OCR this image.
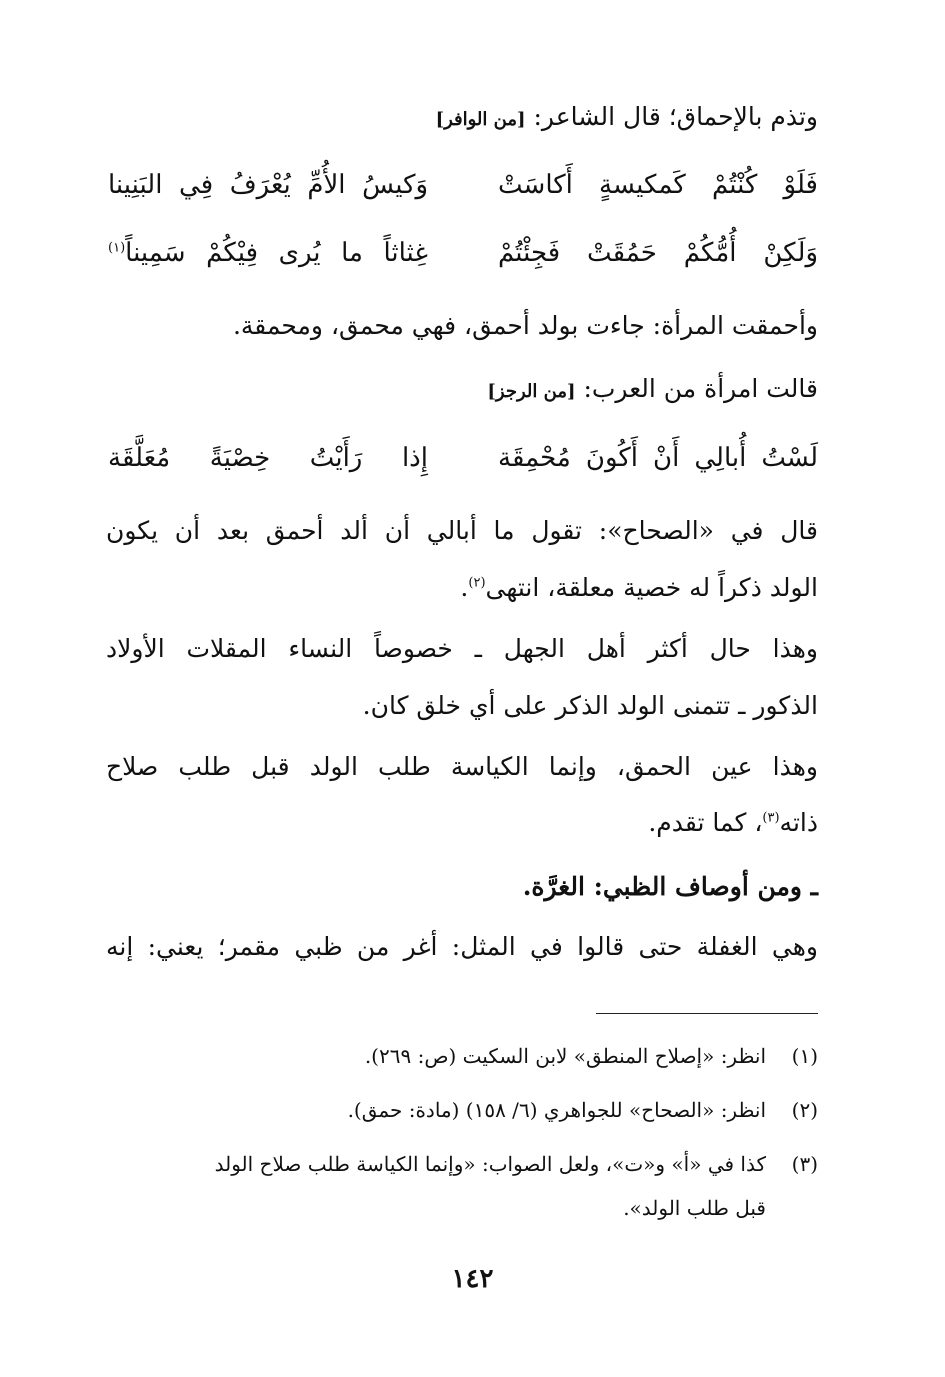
وتذم بالإحماق؛ قال الشاعر: [من الوافر]
فَلَوْ كُنْتُمْ كَمكيسةٍ أَكاسَتْ
وَكيسُ الأُمِّ يُعْرَفُ فِي البَنِينا
وَلَكِنْ أُمُّكُمْ حَمُقَتْ فَجِئْتُمْ
غِثاثاً ما يُرى فِيْكُمْ سَمِيناً$^{(١)}$
وأحمقت المرأة: جاءت بولد أحمق، فهي محمق، ومحمقة.
قالت امرأة من العرب: [من الرجز]
لَسْتُ أُبالِي أَنْ أَكُونَ مُحْمِقَة
إِذا رَأَيْتُ خِصْيَةً مُعَلَّقَة
قال في «الصحاح»: تقول ما أبالي أن ألد أحمق بعد أن يكون
الولد ذكراً له خصية معلقة، انتهى$^{(٢)}$.
وهذا حال أكثر أهل الجهل ـ خصوصاً النساء المقلات الأولاد
الذكور ـ تتمنى الولد الذكر على أي خلق كان.
وهذا عين الحمق، وإنما الكياسة طلب الولد قبل طلب صلاح
ذاته$^{(٣)}$، كما تقدم.
ـ ومن أوصاف الظبي: الغرَّة.
وهي الغفلة حتى قالوا في المثل: أغر من ظبي مقمر؛ يعني: إنه
(١)انظر: «إصلاح المنطق» لابن السكيت (ص: ٢٦٩).
(٢)انظر: «الصحاح» للجواهري (٦/ ١٥٨) (مادة: حمق).
(٣)كذا في «أ» و«ت»، ولعل الصواب: «وإنما الكياسة طلب صلاح الولد
قبل طلب الولد».
١٤٢
